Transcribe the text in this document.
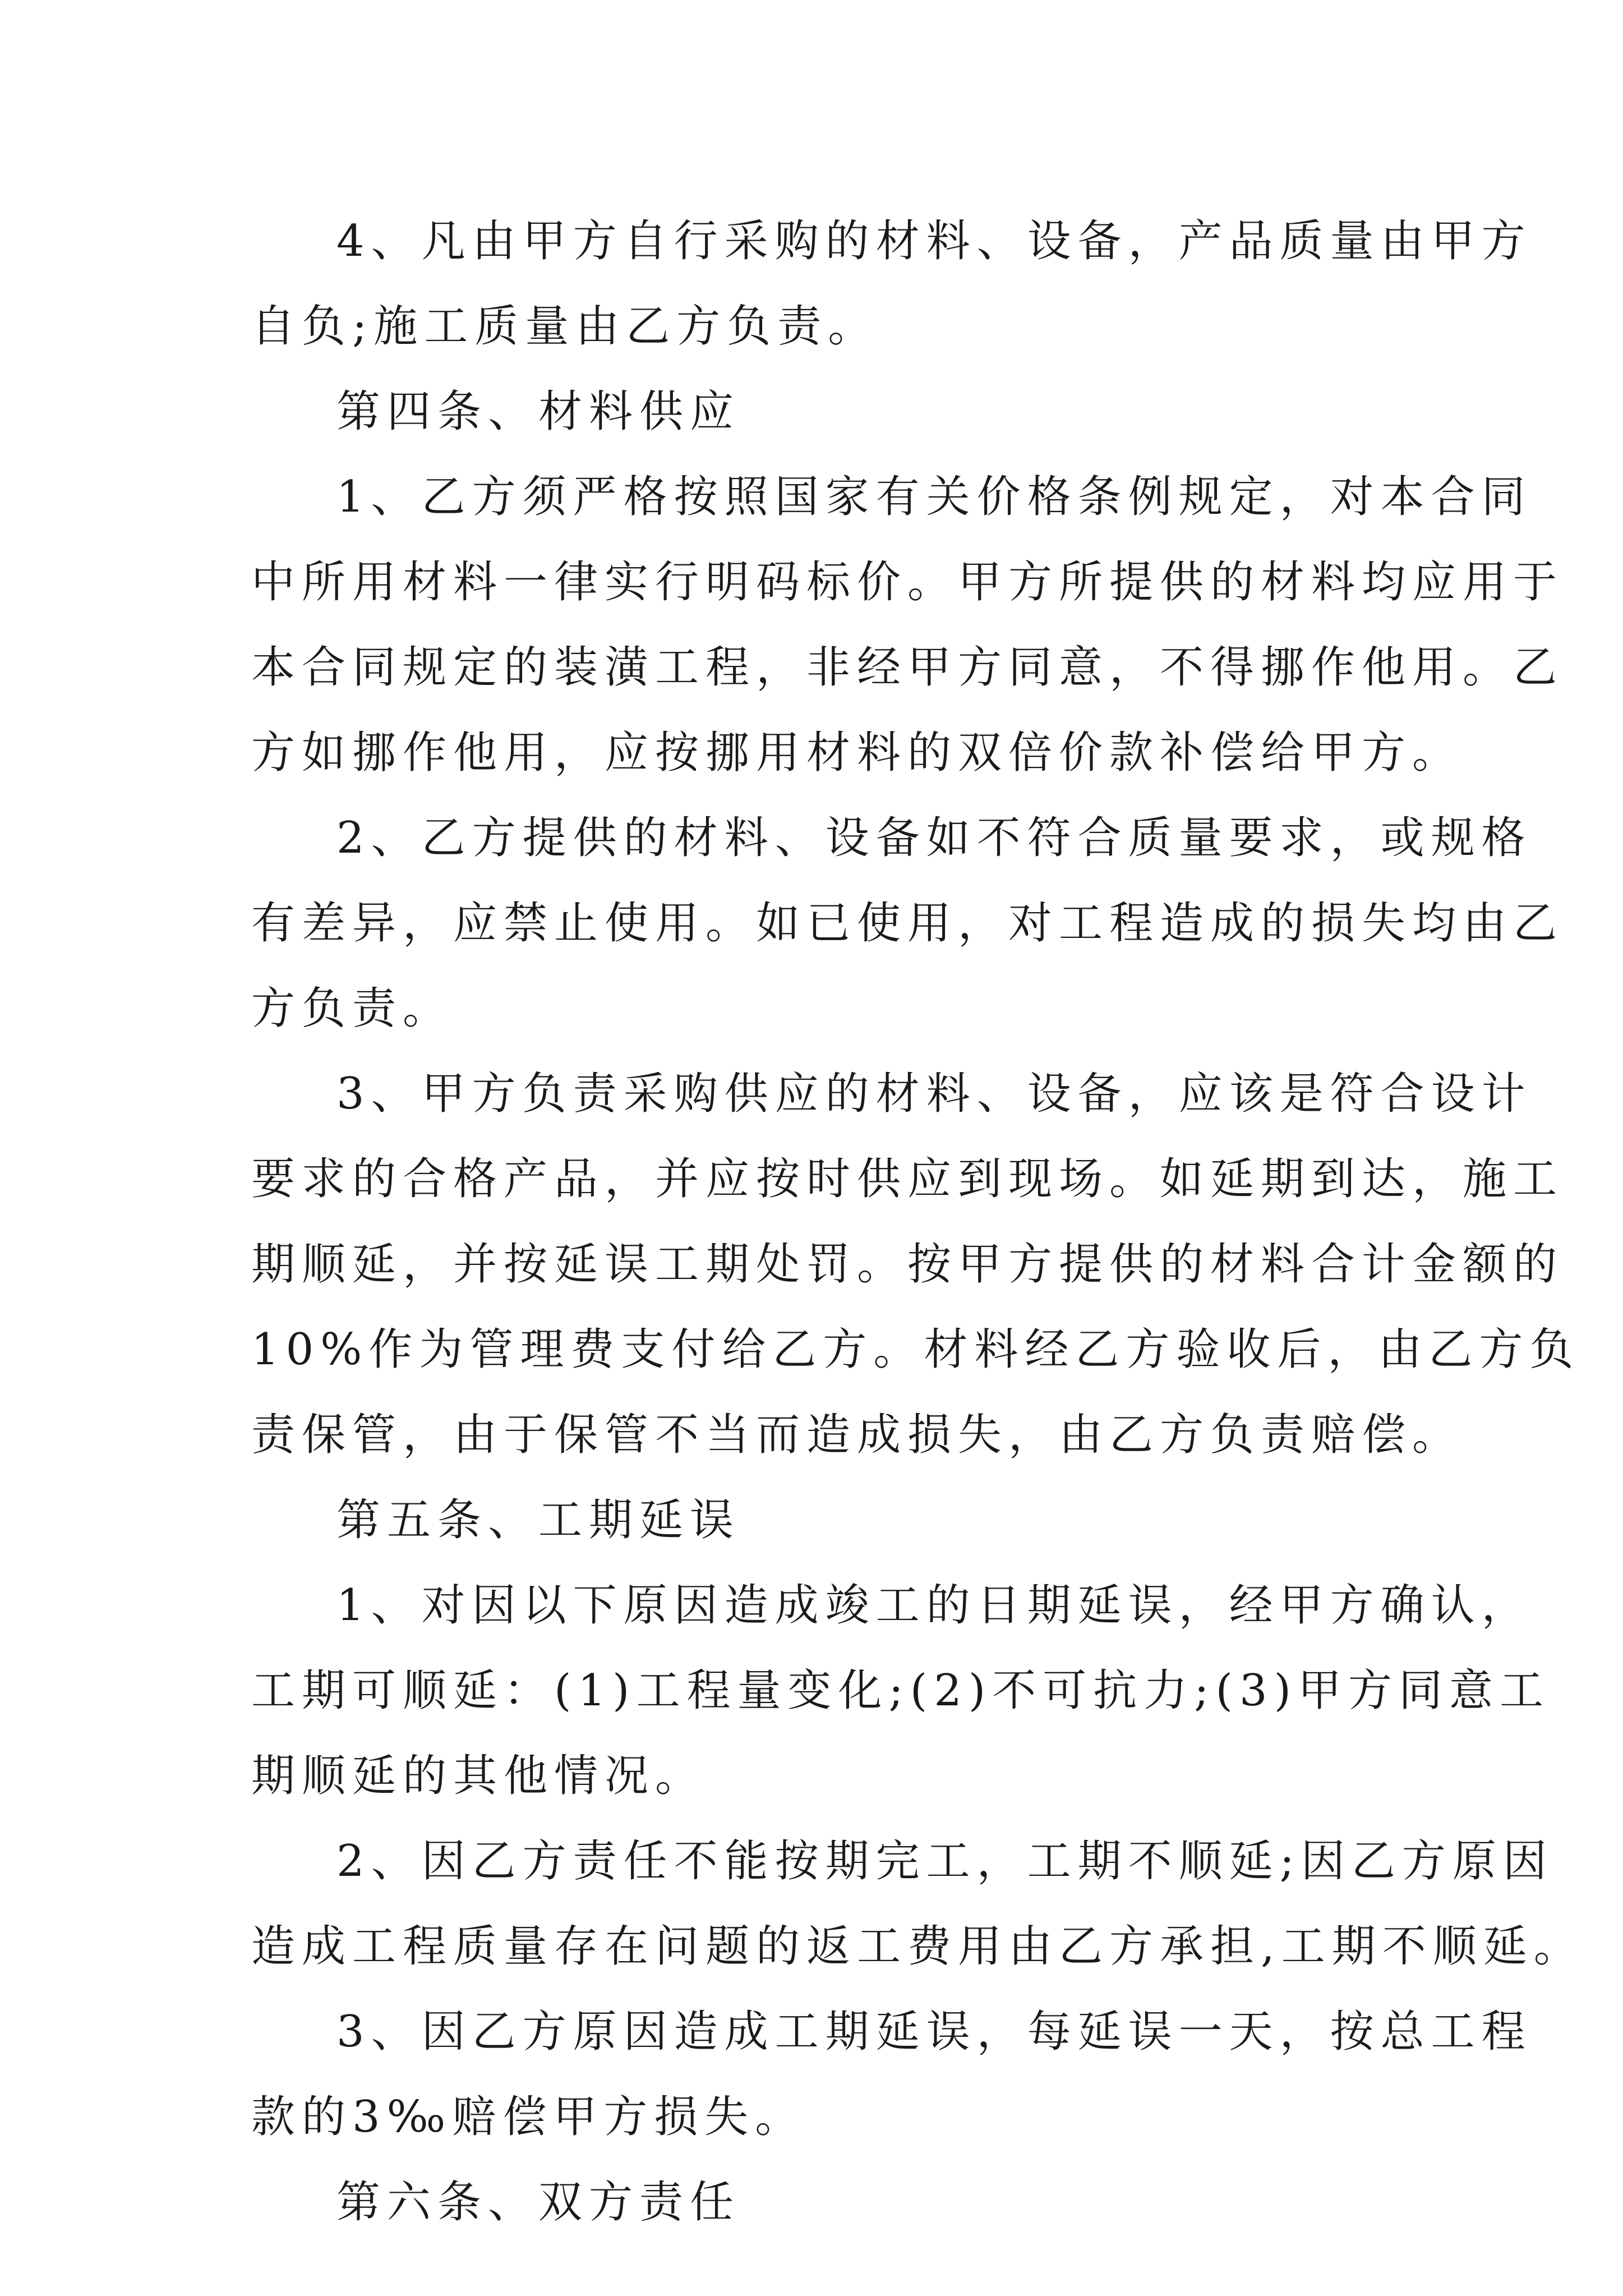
4、凡由甲方自行采购的材料、设备，产品质量由甲方
自负;施工质量由乙方负责。
第四条、材料供应
1、乙方须严格按照国家有关价格条例规定，对本合同
中所用材料一律实行明码标价。甲方所提供的材料均应用于
本合同规定的装潢工程，非经甲方同意，不得挪作他用。乙
方如挪作他用，应按挪用材料的双倍价款补偿给甲方。
2、乙方提供的材料、设备如不符合质量要求，或规格
有差异，应禁止使用。如已使用，对工程造成的损失均由乙
方负责。
3、甲方负责采购供应的材料、设备，应该是符合设计
要求的合格产品，并应按时供应到现场。如延期到达，施工
期顺延，并按延误工期处罚。按甲方提供的材料合计金额的
10%作为管理费支付给乙方。材料经乙方验收后，由乙方负
责保管，由于保管不当而造成损失，由乙方负责赔偿。
第五条、工期延误
1、对因以下原因造成竣工的日期延误，经甲方确认，
工期可顺延：(1)工程量变化;(2)不可抗力;(3)甲方同意工
期顺延的其他情况。
2、因乙方责任不能按期完工，工期不顺延;因乙方原因
造成工程质量存在问题的返工费用由乙方承担,工期不顺延。
3、因乙方原因造成工期延误，每延误一天，按总工程
款的3‰赔偿甲方损失。
第六条、双方责任
